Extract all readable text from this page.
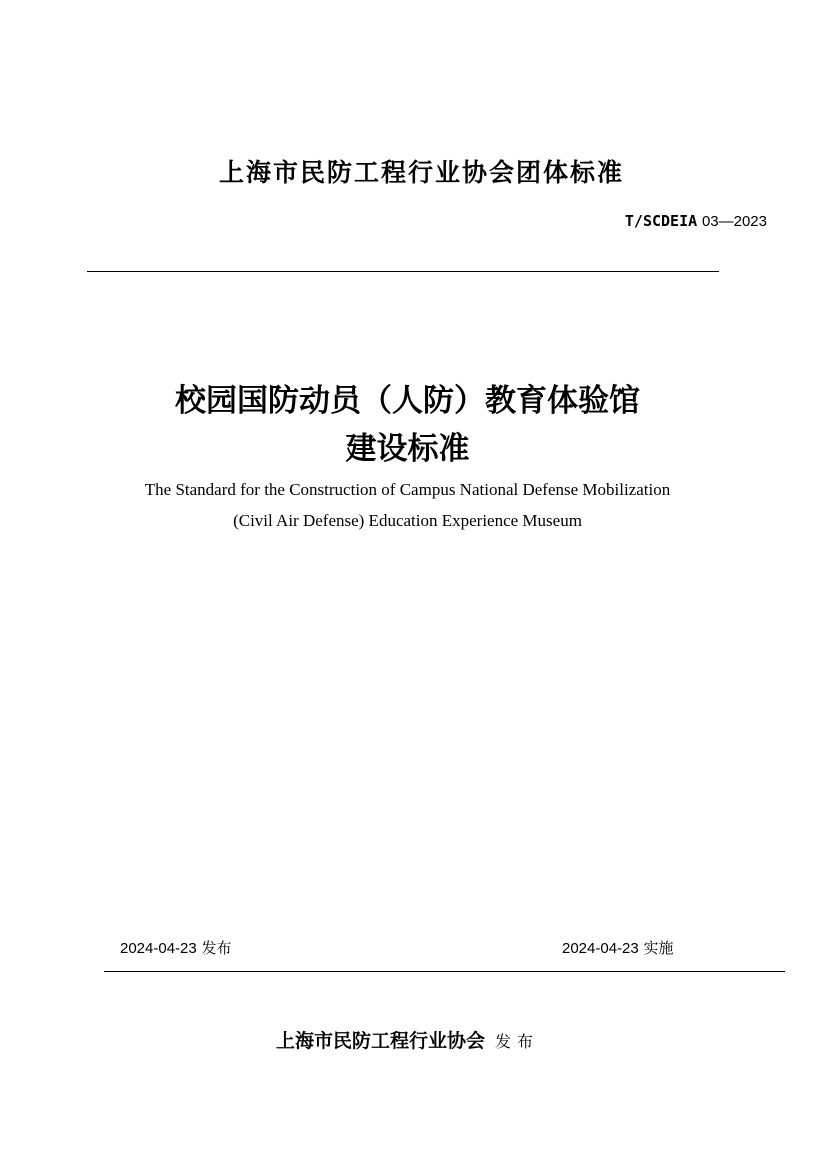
上海市民防工程行业协会团体标准
T/SCDEIA 03—2023
校园国防动员（人防）教育体验馆
建设标准
The Standard for the Construction of Campus National Defense Mobilization
(Civil Air Defense) Education Experience Museum
2024-04-23 发布	2024-04-23 实施
上海市民防工程行业协会 发布
